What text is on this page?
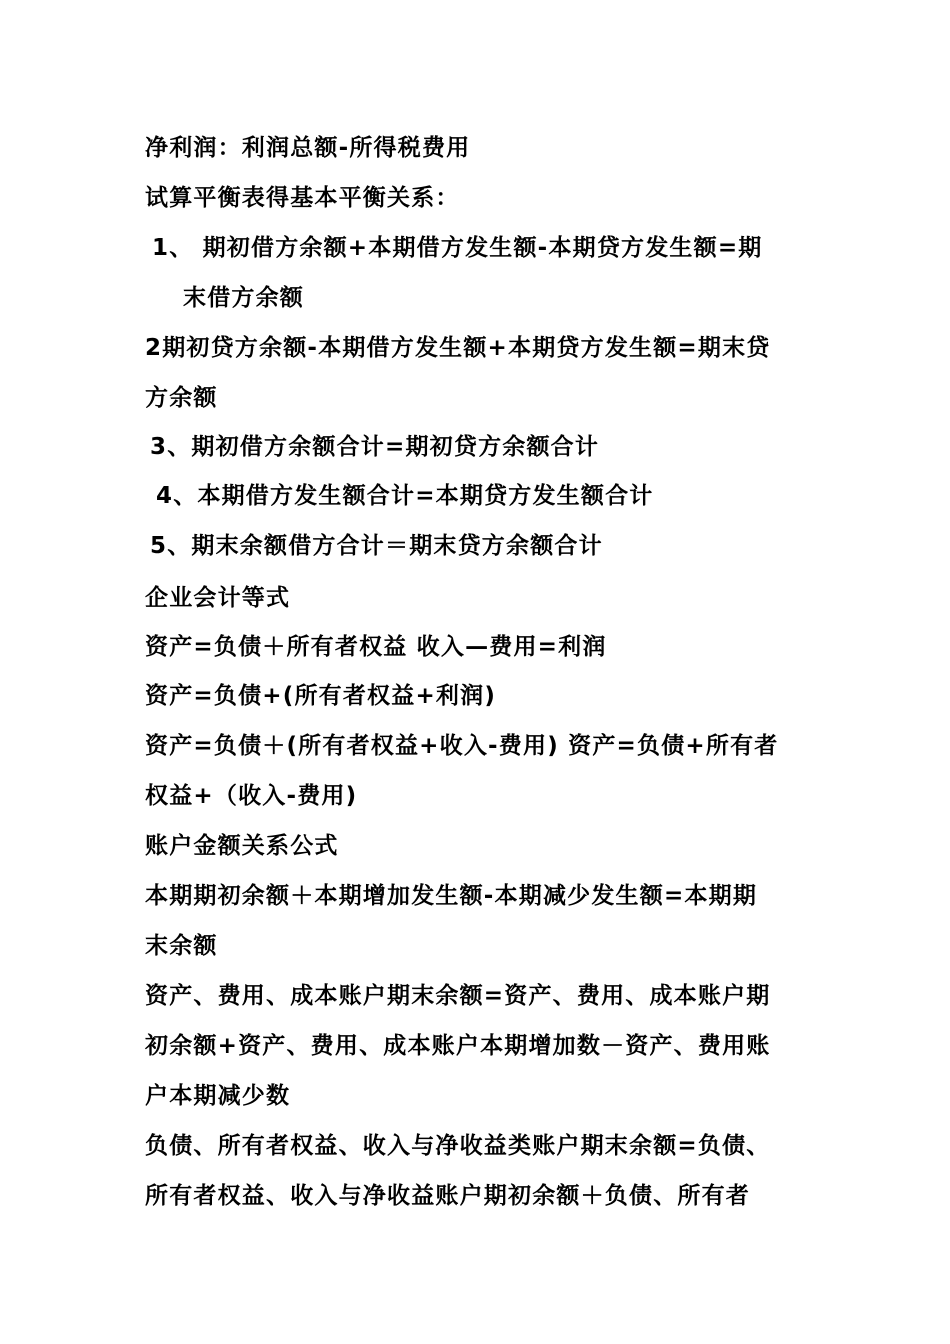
净利润：利润总额-所得税费用
试算平衡表得基本平衡关系：
1、 期初借方余额+本期借方发生额-本期贷方发生额=期
末借方余额
2期初贷方余额-本期借方发生额+本期贷方发生额=期末贷
方余额
3、期初借方余额合计=期初贷方余额合计
4、本期借方发生额合计=本期贷方发生额合计
5、期末余额借方合计＝期末贷方余额合计
企业会计等式
资产=负债＋所有者权益 收入—费用=利润
资产=负债+(所有者权益+利润)
资产=负债＋(所有者权益+收入-费用) 资产=负债+所有者
权益+（收入-费用)
账户金额关系公式
本期期初余额＋本期增加发生额-本期减少发生额=本期期
末余额
资产、费用、成本账户期末余额=资产、费用、成本账户期
初余额+资产、费用、成本账户本期增加数－资产、费用账
户本期减少数
负债、所有者权益、收入与净收益类账户期末余额=负债、
所有者权益、收入与净收益账户期初余额＋负债、所有者
